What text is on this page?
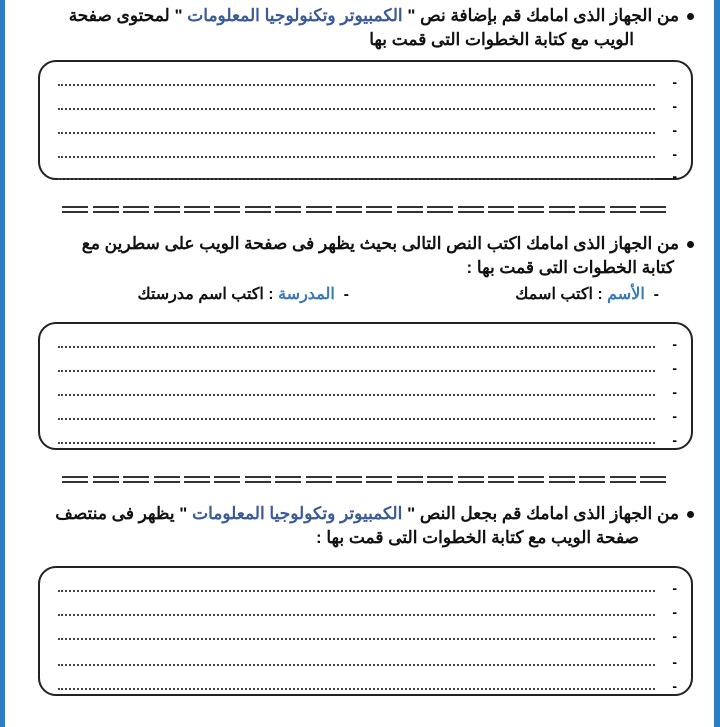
من الجهاز الذى امامك قم بإضافة نص " الكمبيوتر وتكنولوجيا المعلومات " لمحتوى صفحة
الويب مع كتابة الخطوات التى قمت بها
-
-
-
-
-
من الجهاز الذى امامك اكتب النص التالى بحيث يظهر فى صفحة الويب على سطرين مع
كتابة الخطوات التى قمت بها :
-  الأسم : اكتب اسمك
-  المدرسة : اكتب اسم مدرستك
-
-
-
-
-
من الجهاز الذى امامك قم بجعل النص " الكمبيوتر وتكولوجيا المعلومات " يظهر فى منتصف
صفحة الويب مع كتابة الخطوات التى قمت بها :
-
-
-
-
-
